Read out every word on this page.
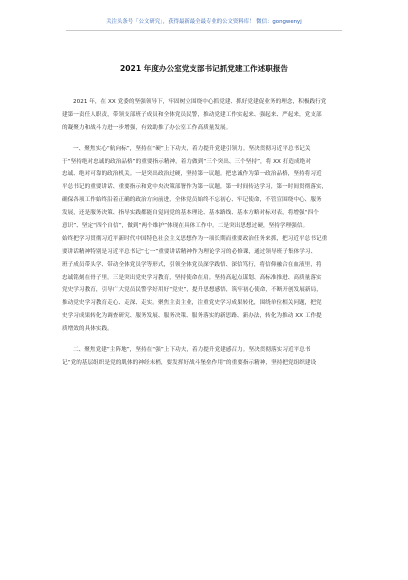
关注头条号「公文研究」，获得最新最全最专业的公文资料库！ 微信：gongwenyj
2021 年度办公室党支部书记抓党建工作述职报告
2021 年，在 XX 党委的坚强领导下，牢固树立围绕中心抓党建、抓好党建促业务的理念，积极践行党
建第一责任人职责，带领支部班子成员和全体党员民警，推动党建工作实起来、强起来、严起来，党支部
的凝聚力和战斗力进一步增强，有效助推了办公室工作高质量发展。
一、聚焦实心“航向标”，坚持在“硬”上下功夫，着力提升党建引领力。坚决贯彻习近平总书记关
于“坚持绝对忠诚的政治品格”的重要指示精神，着力做到“三个突出、三个坚持”，将 XX 打造成绝对
忠诚、绝对可靠的政治机关。一是突出政治过硬，坚持第一议题。把忠诚作为第一政治品格，坚持将习近
平总书记的重要讲话、重要指示和党中央决策部署作为第一议题，第一时间传达学习，第一时间贯彻落实，
确保各项工作始终沿着正确的政治方向前进，全体党员始终不忘初心、牢记使命，不管宣围绕中心、服务
发展，还是服务决策、指导实践都能自觉同党的基本理论、基本路线、基本方略对标对表，将增强“四个
意识”、坚定“四个自信”，做到“两个维护”体现在具体工作中。二是突出思想过硬，坚持学理强信。
始终把学习贯彻习近平新时代中国特色社会主义思想作为一项长期而重要政治任务来抓，把习近平总书记重
要讲话精神特别是习近平总书记“七一”重要讲话精神作为理论学习的必修课，通过领导班子集体学习、
班子成员带头学、带动全体党员学等形式，引领全体党员深学践悟、深信笃行，将信仰融合在血液里，将
忠诚铭刻在骨子里。三是突出党史学习教育，坚持使命在肩。坚持高起点谋划、高标准推进、高质量落实
党史学习教育，引导广大党员民警学好用好“党史”，提升思想感悟，筑牢初心使命，不断开创发展新局，
推动党史学习教育走心、走深、走实。聚焦主责主业，注重党史学习成果转化，围绕单位相关问题，把党
史学习成果转化为调查研究、服务发展、服务决策、服务落实的新思路、新办法，转化为推动 XX 工作提
质增效的具体实践。
二、聚焦党建“主阵地”，坚持在“强”上下功夫，着力提升党建感召力。坚决贯彻落实习近平总书
记“党的基层组织是党的肌体的神经末梢，要发挥好战斗堡垒作用”的重要指示精神，坚持把党组织建设
